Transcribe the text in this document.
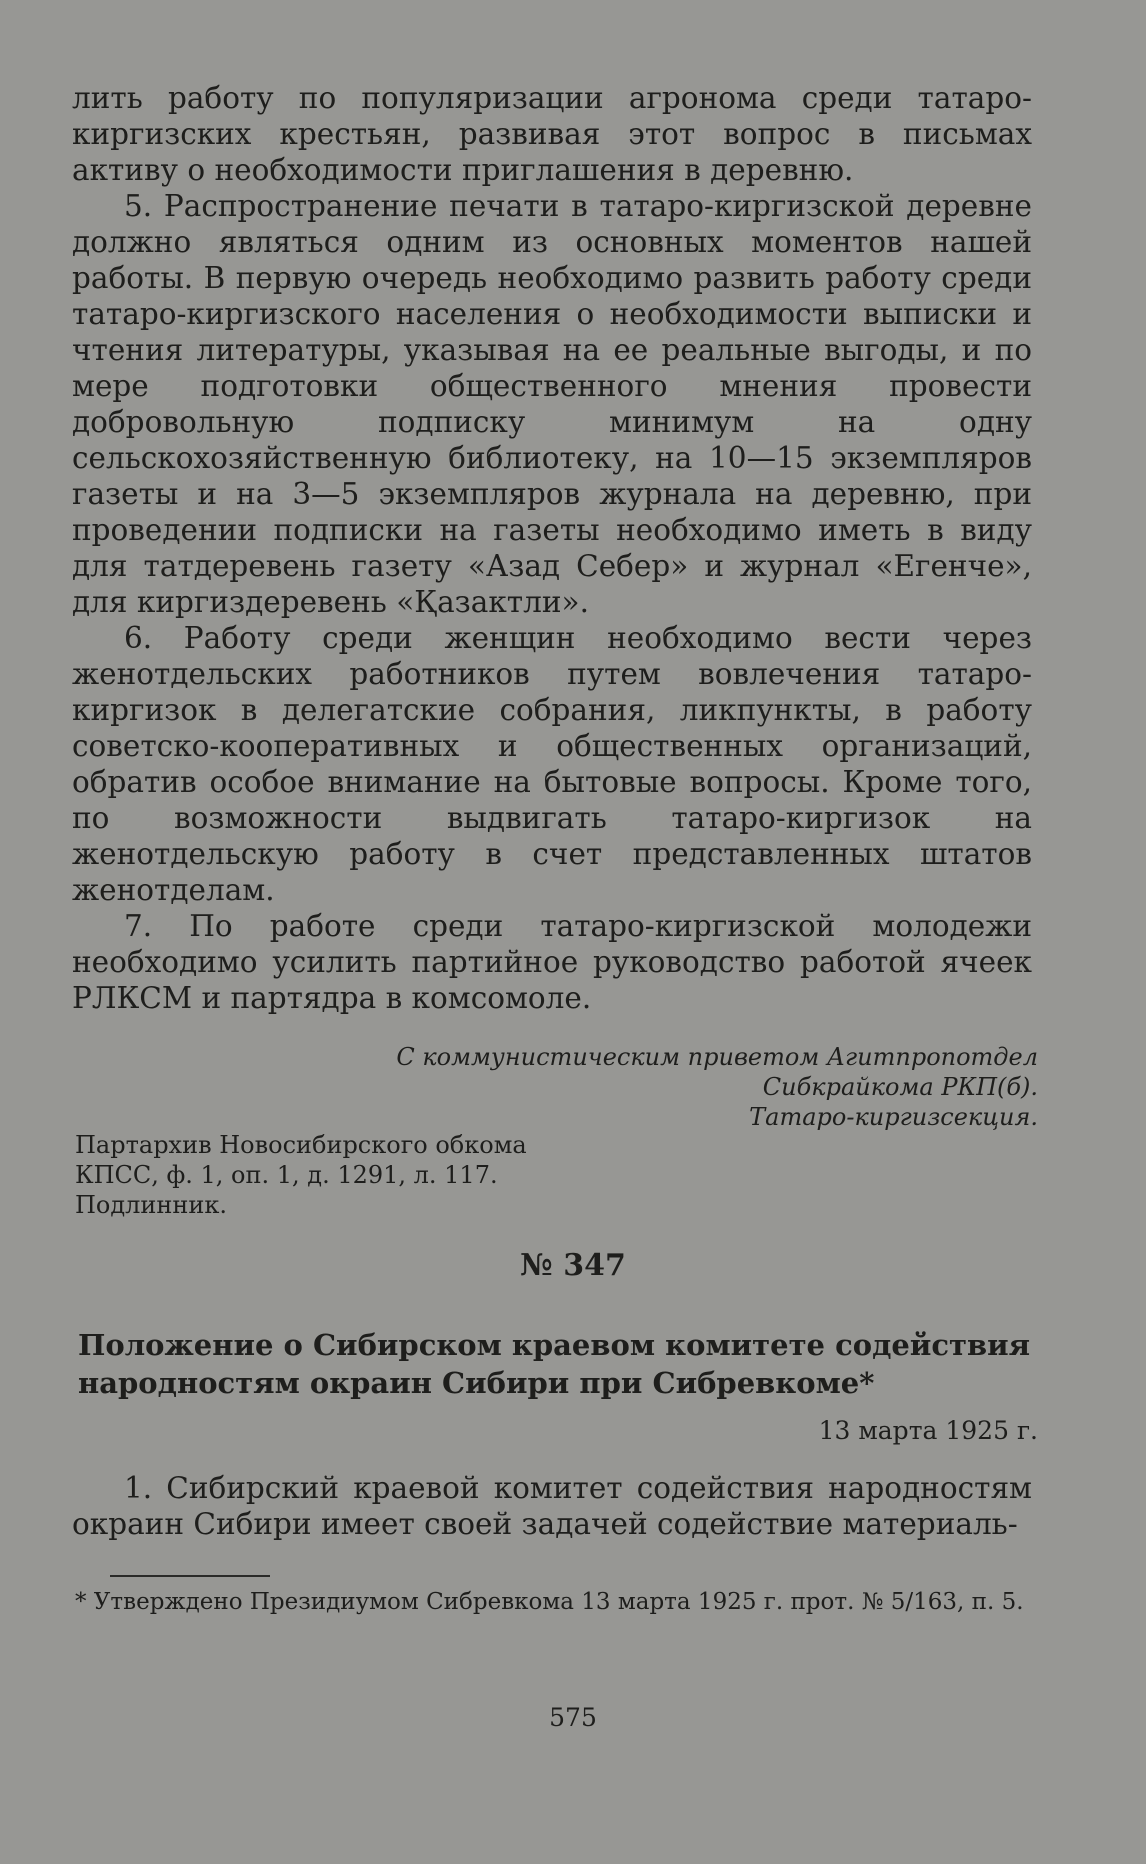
лить работу по популяризации агронома среди татаро-киргизских крестьян, развивая этот вопрос в письмах активу о необходимости приглашения в деревню.

5. Распространение печати в татаро-киргизской деревне должно являться одним из основных моментов нашей работы. В первую очередь необходимо развить работу среди татаро-киргизского населения о необходимости выписки и чтения литературы, указывая на ее реальные выгоды, и по мере подготовки общественного мнения провести добровольную подписку минимум на одну сельскохозяйственную библиотеку, на 10—15 экземпляров газеты и на 3—5 экземпляров журнала на деревню, при проведении подписки на газеты необходимо иметь в виду для татдеревень газету «Азад Себер» и журнал «Егенче», для киргиздеревень «Қазактли».

6. Работу среди женщин необходимо вести через женотдельских работников путем вовлечения татаро-киргизок в делегатские собрания, ликпункты, в работу советско-кооперативных и общественных организаций, обратив особое внимание на бытовые вопросы. Кроме того, по возможности выдвигать татаро-киргизок на женотдельскую работу в счет представленных штатов женотделам.

7. По работе среди татаро-киргизской молодежи необходимо усилить партийное руководство работой ячеек РЛКСМ и партядра в комсомоле.

С коммунистическим приветом Агитпропотдел
Сибкрайкома РКП(б).
Татаро-киргизсекция.
Партархив Новосибирского обкома
КПСС, ф. 1, оп. 1, д. 1291, л. 117.
Подлинник.
№ 347
Положение о Сибирском краевом комитете содействия народностям окраин Сибири при Сибревкоме*
13 марта 1925 г.

1. Сибирский краевой комитет содействия народностям окраин Сибири имеет своей задачей содействие материаль-

* Утверждено Президиумом Сибревкома 13 марта 1925 г. прот. № 5/163, п. 5.
575
